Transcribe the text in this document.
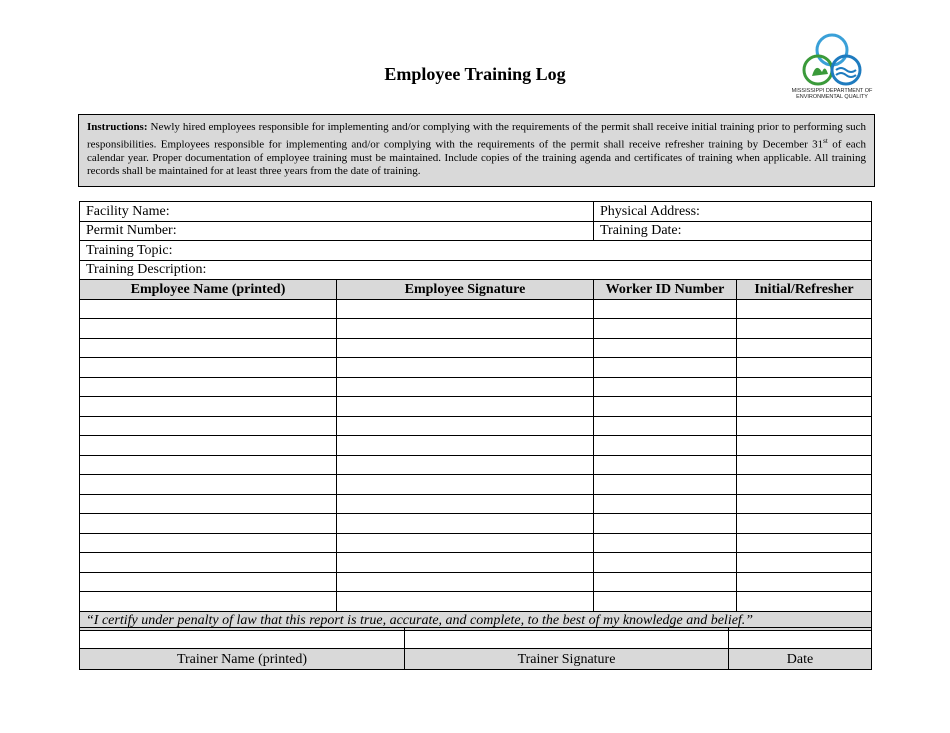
Employee Training Log
MISSISSIPPI DEPARTMENT OF
ENVIRONMENTAL QUALITY
Instructions: Newly hired employees responsible for implementing and/or complying with the requirements of the permit shall receive initial training prior to performing such responsibilities. Employees responsible for implementing and/or complying with the requirements of the permit shall receive refresher training by December 31st of each calendar year. Proper documentation of employee training must be maintained. Include copies of the training agenda and certificates of training when applicable. All training records shall be maintained for at least three years from the date of training.
Facility Name:		Physical Address:	
Permit Number:		Training Date:	
Training Topic:			
Training Description:			
Employee Name (printed)	Employee Signature	Worker ID Number	Initial/Refresher

“I certify under penalty of law that this report is true, accurate, and complete, to the best of my knowledge and belief.”			

Trainer Name (printed)	Trainer Signature	Date
